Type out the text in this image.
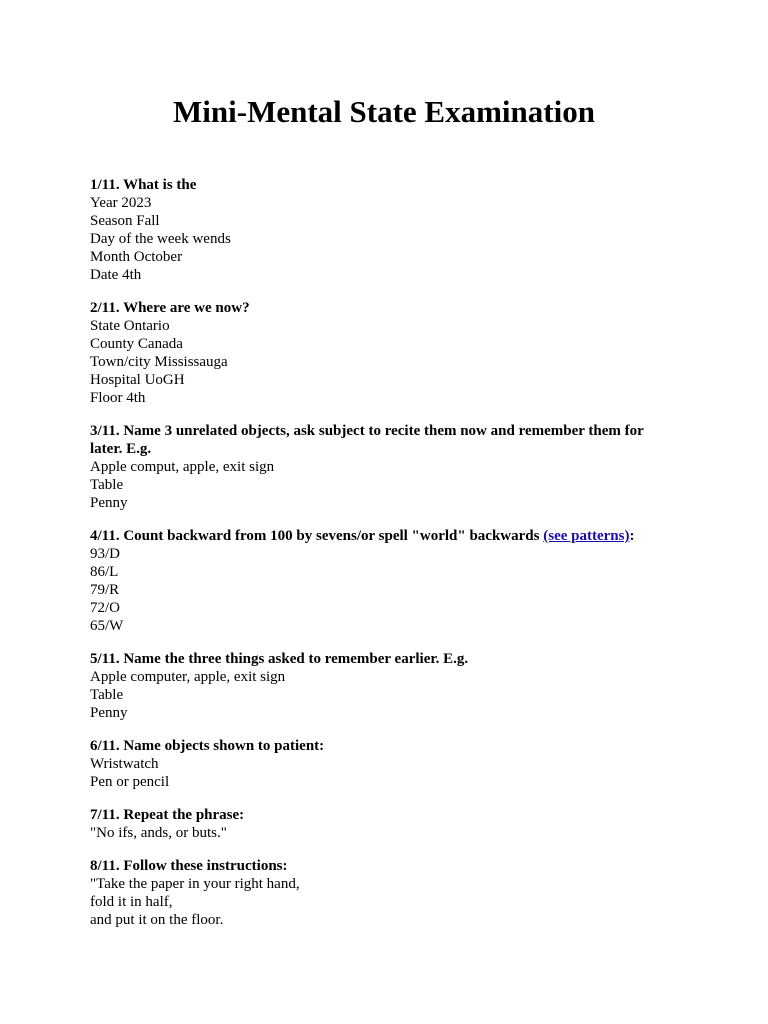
Mini-Mental State Examination

1/11. What is the

Year 2023

Season Fall

Day of the week wends

Month October

Date 4th

2/11. Where are we now?

State Ontario

County Canada

Town/city Mississauga

Hospital UoGH

Floor 4th

3/11. Name 3 unrelated objects, ask subject to recite them now and remember them for later. E.g.

Apple comput, apple, exit sign

Table

Penny

4/11. Count backward from 100 by sevens/or spell "world" backwards (see patterns):

93/D

86/L

79/R

72/O

65/W

5/11. Name the three things asked to remember earlier. E.g.

Apple computer, apple, exit sign

Table

Penny

6/11. Name objects shown to patient:

Wristwatch

Pen or pencil

7/11. Repeat the phrase:

"No ifs, ands, or buts."

8/11. Follow these instructions:

"Take the paper in your right hand,

fold it in half,

and put it on the floor.
